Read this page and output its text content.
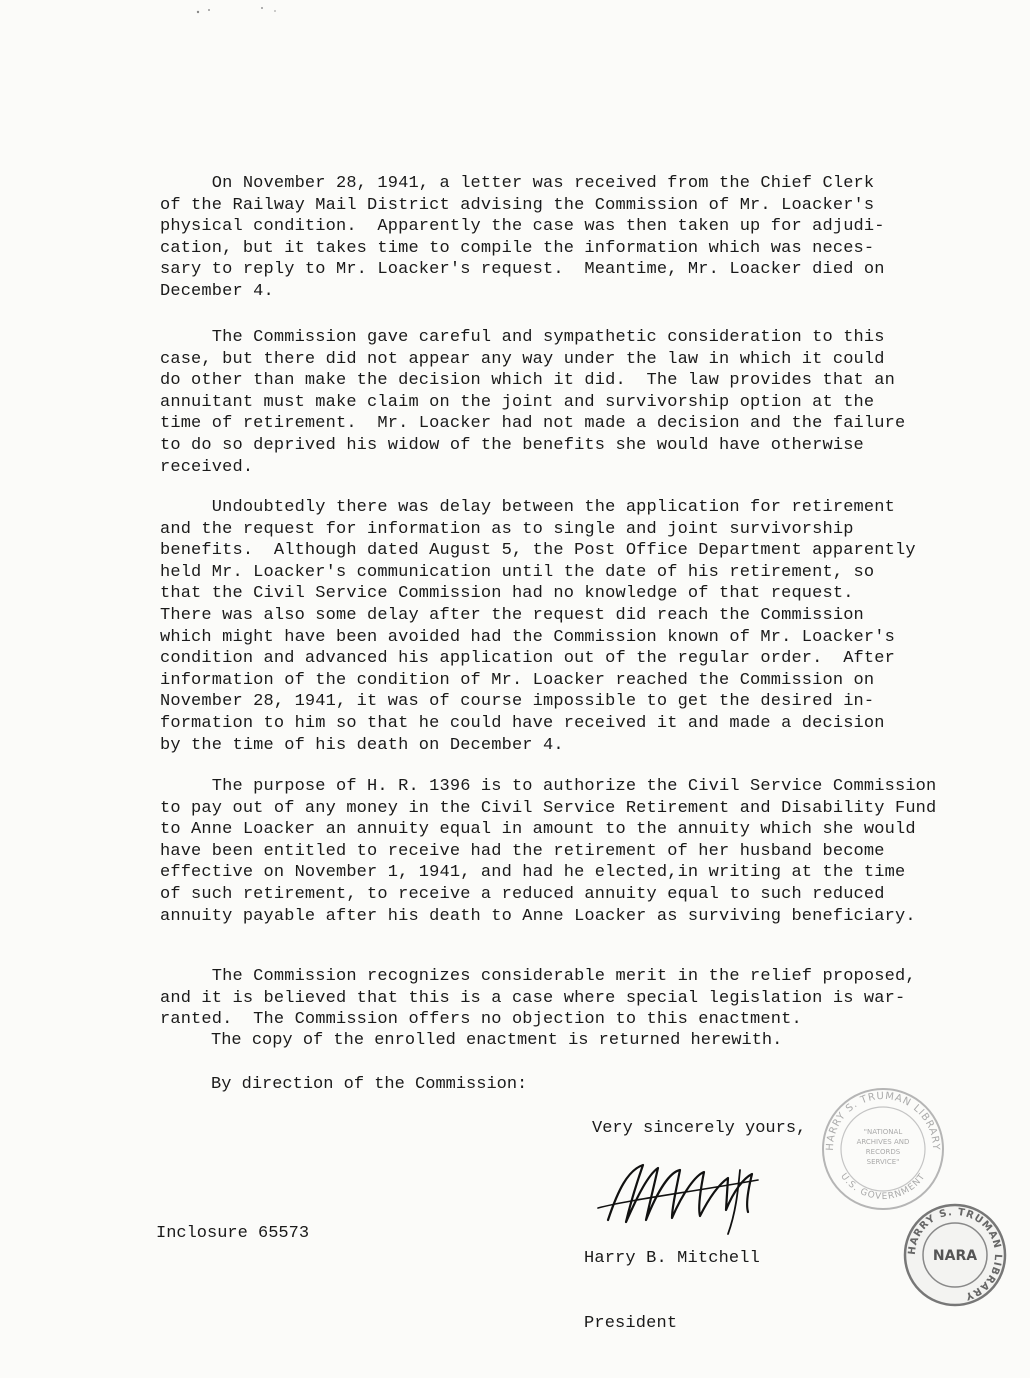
On November 28, 1941, a letter was received from the Chief Clerk
of the Railway Mail District advising the Commission of Mr. Loacker's
physical condition.  Apparently the case was then taken up for adjudi-
cation, but it takes time to compile the information which was neces-
sary to reply to Mr. Loacker's request.  Meantime, Mr. Loacker died on
December 4.
The Commission gave careful and sympathetic consideration to this
case, but there did not appear any way under the law in which it could
do other than make the decision which it did.  The law provides that an
annuitant must make claim on the joint and survivorship option at the
time of retirement.  Mr. Loacker had not made a decision and the failure
to do so deprived his widow of the benefits she would have otherwise
received.
Undoubtedly there was delay between the application for retirement
and the request for information as to single and joint survivorship
benefits.  Although dated August 5, the Post Office Department apparently
held Mr. Loacker's communication until the date of his retirement, so
that the Civil Service Commission had no knowledge of that request.
There was also some delay after the request did reach the Commission
which might have been avoided had the Commission known of Mr. Loacker's
condition and advanced his application out of the regular order.  After
information of the condition of Mr. Loacker reached the Commission on
November 28, 1941, it was of course impossible to get the desired in-
formation to him so that he could have received it and made a decision
by the time of his death on December 4.
The purpose of H. R. 1396 is to authorize the Civil Service Commission
to pay out of any money in the Civil Service Retirement and Disability Fund
to Anne Loacker an annuity equal in amount to the annuity which she would
have been entitled to receive had the retirement of her husband become
effective on November 1, 1941, and had he elected,in writing at the time
of such retirement, to receive a reduced annuity equal to such reduced
annuity payable after his death to Anne Loacker as surviving beneficiary.
The Commission recognizes considerable merit in the relief proposed,
and it is believed that this is a case where special legislation is war-
ranted.  The Commission offers no objection to this enactment.
The copy of the enrolled enactment is returned herewith.
By direction of the Commission:
Very sincerely yours,

Harry B. Mitchell

President

Inclosure 65573
HARRY S. TRUMAN LIBRARY
U.S. GOVERNMENT
"NATIONAL
ARCHIVES AND
RECORDS
SERVICE"
HARRY S. TRUMAN LIBRARY
NARA
